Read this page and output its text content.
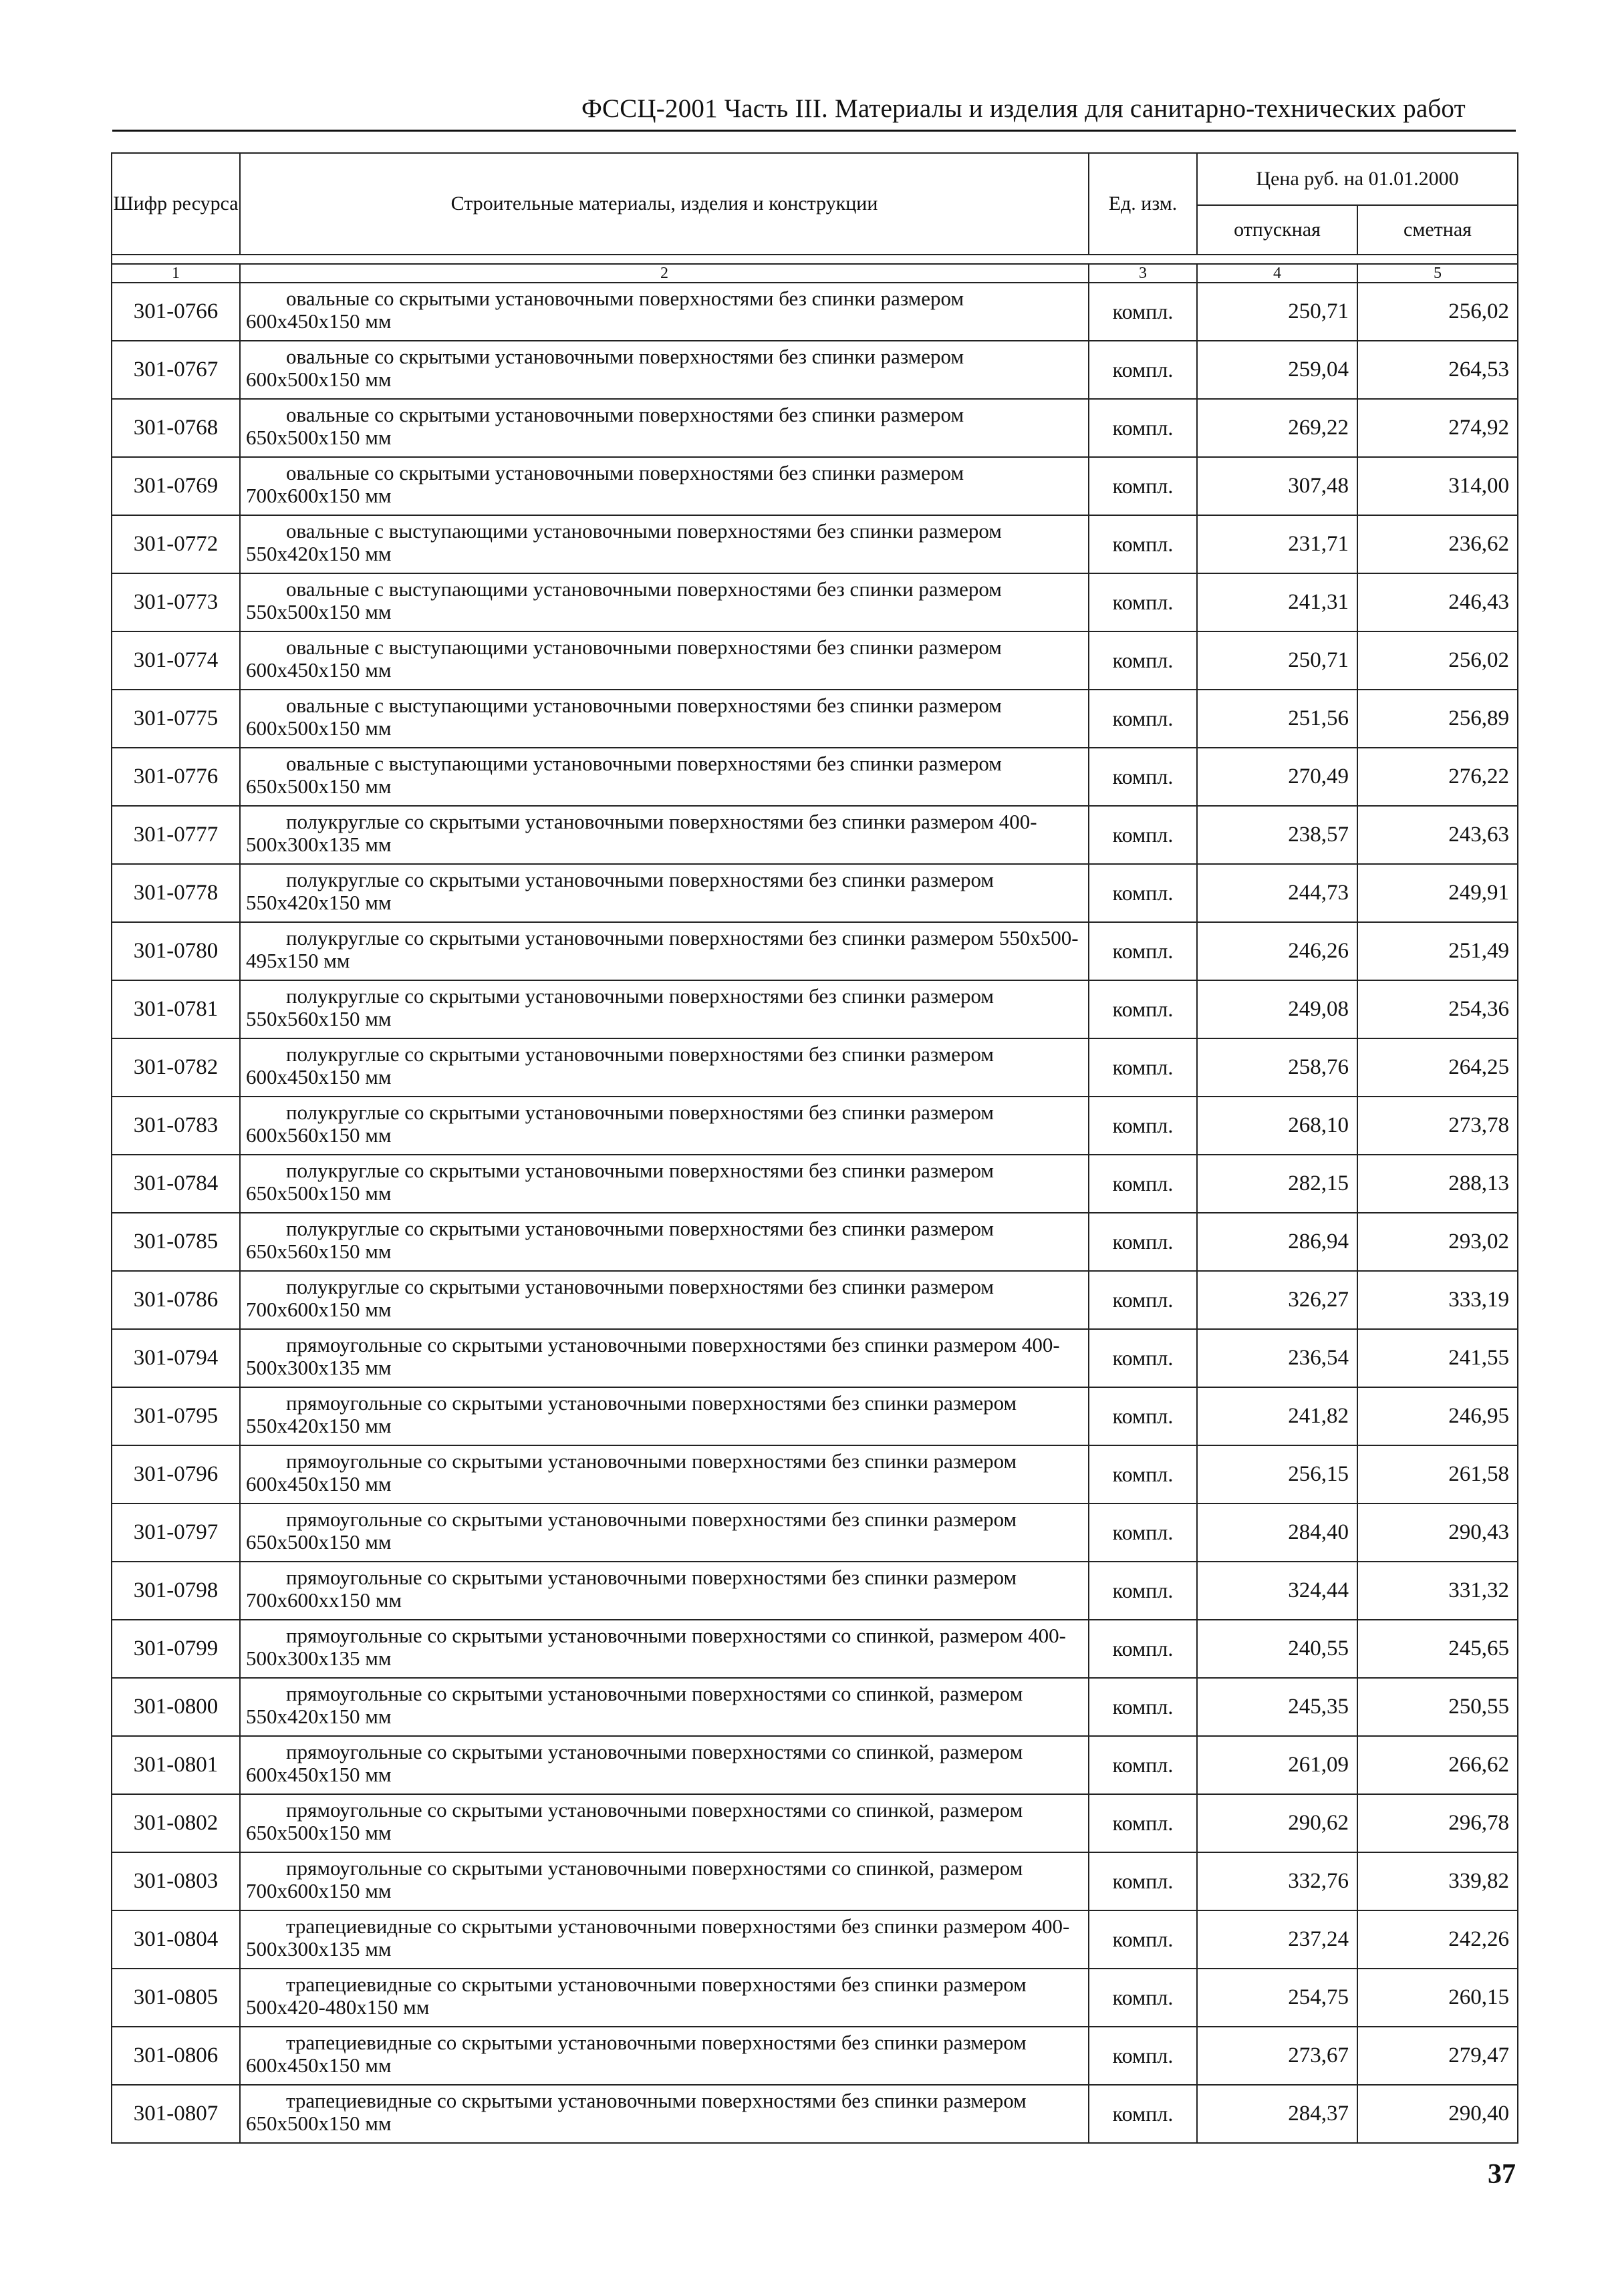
ФССЦ-2001 Часть III. Материалы и изделия для санитарно-технических работ
Шифр ресурса	Строительные материалы, изделия и конструкции	Ед. изм.	Цена руб. на 01.01.2000	
			отпускная	сметная

1	2	3	4	5
301-0766	овальные со скрытыми установочными поверхностями без спинки размером 600x450x150 мм	компл.	250,71	256,02
301-0767	овальные со скрытыми установочными поверхностями без спинки размером 600x500x150 мм	компл.	259,04	264,53
301-0768	овальные со скрытыми установочными поверхностями без спинки размером 650x500x150 мм	компл.	269,22	274,92
301-0769	овальные со скрытыми установочными поверхностями без спинки размером 700x600x150 мм	компл.	307,48	314,00
301-0772	овальные с выступающими установочными поверхностями без спинки размером 550x420x150 мм	компл.	231,71	236,62
301-0773	овальные с выступающими установочными поверхностями без спинки размером 550x500x150 мм	компл.	241,31	246,43
301-0774	овальные с выступающими установочными поверхностями без спинки размером 600x450x150 мм	компл.	250,71	256,02
301-0775	овальные с выступающими установочными поверхностями без спинки размером 600x500x150 мм	компл.	251,56	256,89
301-0776	овальные с выступающими установочными поверхностями без спинки размером 650x500x150 мм	компл.	270,49	276,22
301-0777	полукруглые со скрытыми установочными поверхностями без спинки размером 400-500x300x135 мм	компл.	238,57	243,63
301-0778	полукруглые со скрытыми установочными поверхностями без спинки размером 550x420x150 мм	компл.	244,73	249,91
301-0780	полукруглые со скрытыми установочными поверхностями без спинки размером 550x500-495x150 мм	компл.	246,26	251,49
301-0781	полукруглые со скрытыми установочными поверхностями без спинки размером 550x560x150 мм	компл.	249,08	254,36
301-0782	полукруглые со скрытыми установочными поверхностями без спинки размером 600x450x150 мм	компл.	258,76	264,25
301-0783	полукруглые со скрытыми установочными поверхностями без спинки размером 600x560x150 мм	компл.	268,10	273,78
301-0784	полукруглые со скрытыми установочными поверхностями без спинки размером 650x500x150 мм	компл.	282,15	288,13
301-0785	полукруглые со скрытыми установочными поверхностями без спинки размером 650x560x150 мм	компл.	286,94	293,02
301-0786	полукруглые со скрытыми установочными поверхностями без спинки размером 700x600x150 мм	компл.	326,27	333,19
301-0794	прямоугольные со скрытыми установочными поверхностями без спинки размером 400-500x300x135 мм	компл.	236,54	241,55
301-0795	прямоугольные со скрытыми установочными поверхностями без спинки размером 550x420x150 мм	компл.	241,82	246,95
301-0796	прямоугольные со скрытыми установочными поверхностями без спинки размером 600x450x150 мм	компл.	256,15	261,58
301-0797	прямоугольные со скрытыми установочными поверхностями без спинки размером 650x500x150 мм	компл.	284,40	290,43
301-0798	прямоугольные со скрытыми установочными поверхностями без спинки размером 700x600xx150 мм	компл.	324,44	331,32
301-0799	прямоугольные со скрытыми установочными поверхностями со спинкой, размером 400-500x300x135 мм	компл.	240,55	245,65
301-0800	прямоугольные со скрытыми установочными поверхностями со спинкой, размером 550x420x150 мм	компл.	245,35	250,55
301-0801	прямоугольные со скрытыми установочными поверхностями со спинкой, размером 600x450x150 мм	компл.	261,09	266,62
301-0802	прямоугольные со скрытыми установочными поверхностями со спинкой, размером 650x500x150 мм	компл.	290,62	296,78
301-0803	прямоугольные со скрытыми установочными поверхностями со спинкой, размером 700x600x150 мм	компл.	332,76	339,82
301-0804	трапециевидные со скрытыми установочными поверхностями без спинки размером 400-500x300x135 мм	компл.	237,24	242,26
301-0805	трапециевидные со скрытыми установочными поверхностями без спинки размером 500x420-480x150 мм	компл.	254,75	260,15
301-0806	трапециевидные со скрытыми установочными поверхностями без спинки размером 600x450x150 мм	компл.	273,67	279,47
301-0807	трапециевидные со скрытыми установочными поверхностями без спинки размером 650x500x150 мм	компл.	284,37	290,40
37
